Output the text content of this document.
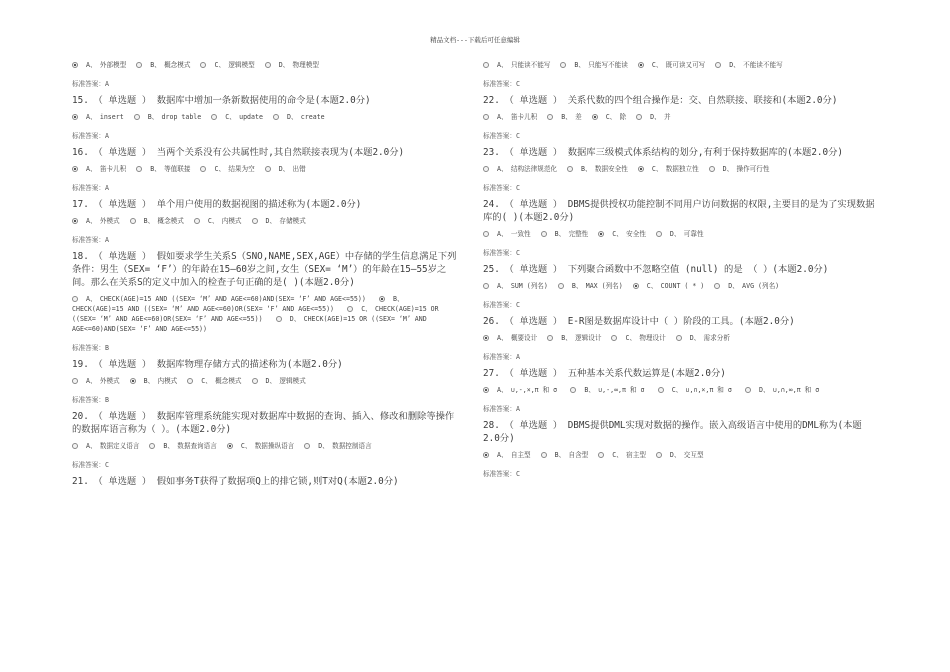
精品文档---下载后可任意编辑
A、　外部模型	B、　概念模式	C、　逻辑模型	D、　物理模型

标准答案：A

15.　（ 单选题 ） 数据库中增加一条新数据使用的命令是(本题2.0分)

A、　insert	B、　drop table	C、　update	D、　create

标准答案：A

16.　（ 单选题 ） 当两个关系没有公共属性时,其自然联接表现为(本题2.0分)

A、　笛卡儿积	B、　等值联接	C、　结果为空	D、　出错

标准答案：A

17.　（ 单选题 ） 单个用户使用的数据视图的描述称为(本题2.0分)

A、　外模式	B、　概念模式	C、　内模式	D、　存储模式

标准答案：A

18.　（ 单选题 ） 假如要求学生关系S（SNO,NAME,SEX,AGE）中存储的学生信息满足下列条件：男生（SEX= ‘F’）的年龄在15—60岁之间,女生（SEX= ‘M’）的年龄在15—55岁之间。那么在关系S的定义中加入的检查子句正确的是( )(本题2.0分)

A、　CHECK(AGE)=15 AND ((SEX= ‘M’ AND AGE<=60)AND(SEX= ‘F’ AND AGE<=55))　　	B、　CHECK(AGE)=15 AND ((SEX= ‘M’ AND AGE<=60)OR(SEX= ‘F’ AND AGE<=55))　　	C、　CHECK(AGE)=15 OR ((SEX= ‘M’ AND AGE<=60)OR(SEX= ‘F’ AND AGE<=55))　　	D、　CHECK(AGE)=15 OR ((SEX= ‘M’ AND AGE<=60)AND(SEX= ‘F’ AND AGE<=55))　　

标准答案：B

19.　（ 单选题 ） 数据库物理存储方式的描述称为(本题2.0分)

A、　外模式	B、　内模式	C、　概念模式	D、　逻辑模式

标准答案：B

20.　（ 单选题 ） 数据库管理系统能实现对数据库中数据的查询、插入、修改和删除等操作的数据库语言称为（ ）。(本题2.0分)

A、　数据定义语言	B、　数据查询语言	C、　数据操纵语言	D、　数据控制语言

标准答案：C

21.　（ 单选题 ） 假如事务T获得了数据项Q上的排它锁,则T对Q(本题2.0分)

A、　只能读不能写	B、　只能写不能读	C、　既可读又可写	D、　不能读不能写

标准答案：C

22.　（ 单选题 ） 关系代数的四个组合操作是：交、自然联接、联接和(本题2.0分)

A、　笛卡儿积	B、　差	C、　除	D、　并

标准答案：C

23.　（ 单选题 ） 数据库三级模式体系结构的划分,有利于保持数据库的(本题2.0分)

A、　结构法律规范化	B、　数据安全性	C、　数据独立性	D、　操作可行性

标准答案：C

24.　（ 单选题 ） DBMS提供授权功能控制不同用户访问数据的权限,主要目的是为了实现数据库的( )(本题2.0分)

A、　一致性	B、　完整性	C、　安全性	D、　可靠性

标准答案：C

25.　（ 单选题 ） 下列聚合函数中不忽略空值 (null) 的是 （ ）(本题2.0分)

A、　SUM (列名)	B、　MAX (列名)	C、　COUNT ( * )	D、　AVG (列名)

标准答案：C

26.　（ 单选题 ） E-R图是数据库设计中（ ）阶段的工具。(本题2.0分)

A、　概要设计	B、　逻辑设计	C、　物理设计	D、　需求分析

标准答案：A

27.　（ 单选题 ） 五种基本关系代数运算是(本题2.0分)

A、　∪,-,×,π 和 σ　　	B、　∪,-,∞,π 和 σ　　	C、　∪,∩,×,π 和 σ　　	D、　∪,∩,∞,π 和 σ　　

标准答案：A

28.　（ 单选题 ） DBMS提供DML实现对数据的操作。嵌入高级语言中使用的DML称为(本题2.0分)

A、　自主型	B、　自含型	C、　宿主型	D、　交互型

标准答案：C
